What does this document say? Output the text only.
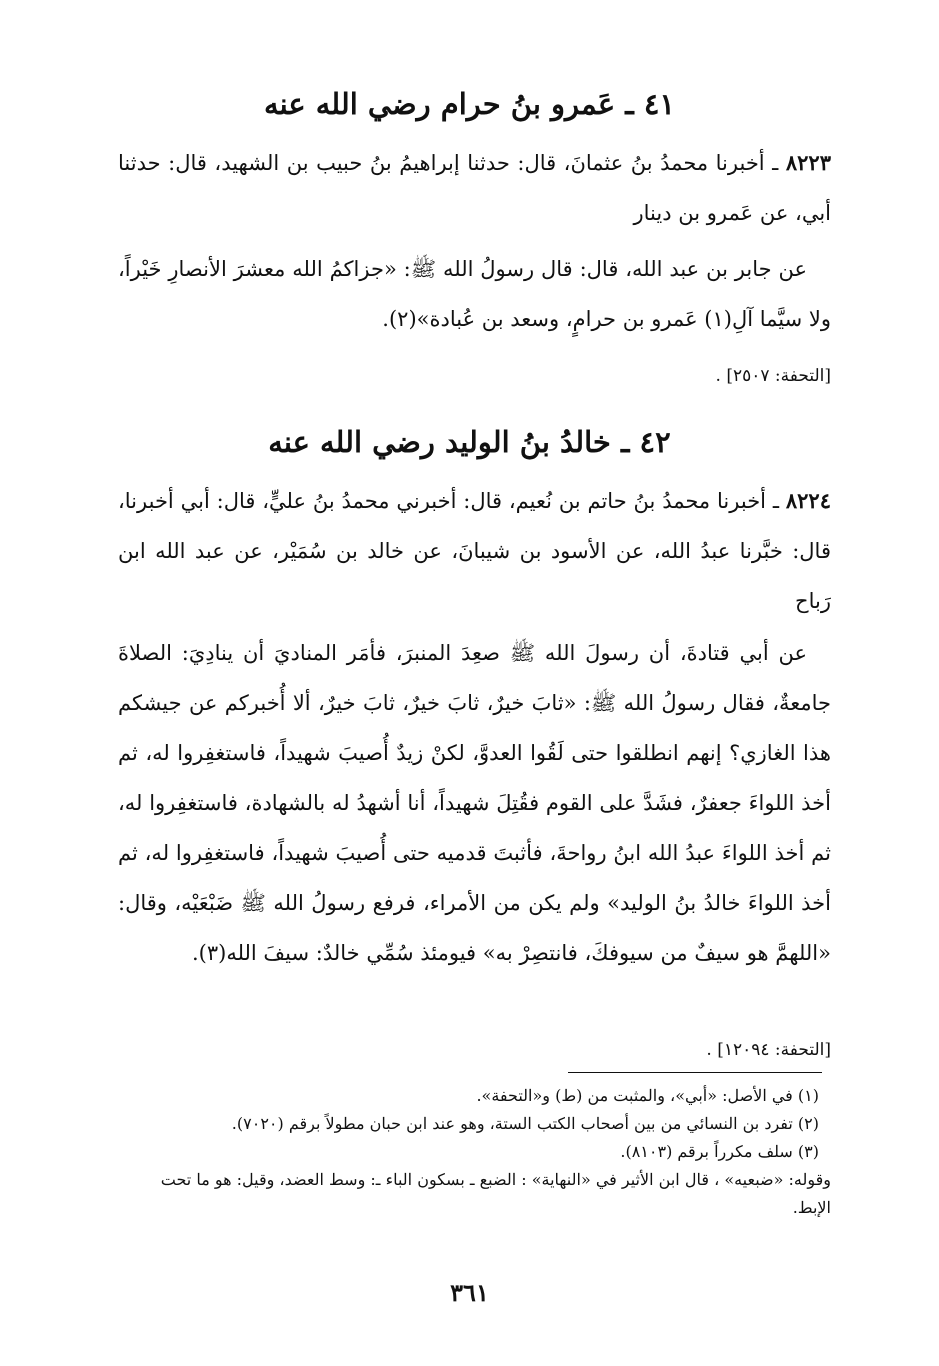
٤١ ـ عَمرو بنُ حرام رضي الله عنه
٨٢٢٣ ـ أخبرنا محمدُ بنُ عثمانَ، قال: حدثنا إبراهيمُ بنُ حبيب بن الشهيد، قال: حدثنا أبي، عن عَمرو بن دينار
عن جابر بن عبد الله، قال: قال رسولُ الله ﷺ: «جزاكمُ الله معشرَ الأنصارِ خَيْراً، ولا سيَّما آلِ(١) عَمرو بن حرامٍ، وسعد بن عُبادة»(٢).
[التحفة: ٢٥٠٧] .
٤٢ ـ خالدُ بنُ الوليد رضي الله عنه
٨٢٢٤ ـ أخبرنا محمدُ بنُ حاتم بن نُعيم، قال: أخبرني محمدُ بنُ عليٍّ، قال: أبي أخبرنا، قال: خبَّرنا عبدُ الله، عن الأسود بن شيبانَ، عن خالد بن سُمَيْر، عن عبد الله ابن رَباح
عن أبي قتادةَ، أن رسولَ الله ﷺ صعِدَ المنبرَ، فأمَر المناديَ أن ينادِيَ: الصلاةَ جامعةٌ، فقال رسولُ الله ﷺ: «ثابَ خيرٌ، ثابَ خيرٌ، ثابَ خيرٌ، ألا أُخبركم عن جيشكم هذا الغازي؟ إنهم انطلقوا حتى لَقُوا العدوَّ، لكنْ زيدٌ أُصيبَ شهيداً، فاستغفِروا له، ثم أخذ اللواءَ جعفرٌ، فشَدَّ على القوم فقُتِلَ شهيداً، أنا أشهدُ له بالشهادة، فاستغفِروا له، ثم أخذ اللواءَ عبدُ الله ابنُ رواحةَ، فأثبتَ قدميه حتى أُصيبَ شهيداً، فاستغفِروا له، ثم أخذ اللواءَ خالدُ بنُ الوليد» ولم يكن من الأمراء، فرفع رسولُ الله ﷺ ضَبْعَيْه، وقال: «اللهمَّ هو سيفٌ من سيوفكَ، فانتصِرْ به» فيومئذ سُمِّي خالدٌ: سيفَ الله(٣).
[التحفة: ١٢٠٩٤] .

(١) في الأصل: «أبي»، والمثبت من (ط) و«التحفة».

(٢) تفرد بن النسائي من بين أصحاب الكتب الستة، وهو عند ابن حبان مطولاً برقم (٧٠٢٠).

(٣) سلف مكرراً برقم (٨١٠٣).

وقوله: «ضبعيه» ، قال ابن الأثير في «النهاية» : الضبع ـ بسكون الباء ـ: وسط العضد، وقيل: هو ما تحت الإبط.

٣٦١
